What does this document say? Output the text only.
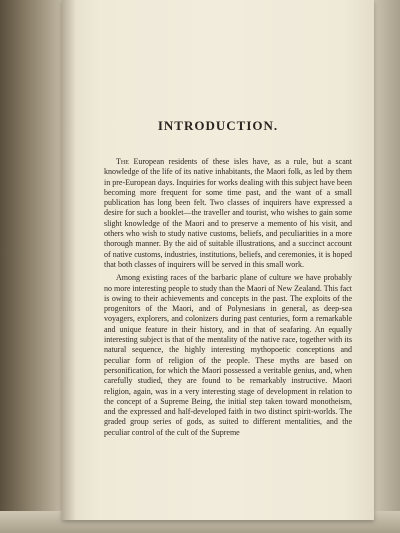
INTRODUCTION.

The European residents of these isles have, as a rule, but a scant knowledge of the life of its native inhabitants, the Maori folk, as led by them in pre-European days. Inquiries for works dealing with this subject have been becoming more frequent for some time past, and the want of a small publication has long been felt. Two classes of inquirers have expressed a desire for such a booklet—the traveller and tourist, who wishes to gain some slight knowledge of the Maori and to preserve a memento of his visit, and others who wish to study native customs, beliefs, and peculiarities in a more thorough manner. By the aid of suitable illustrations, and a succinct account of native customs, industries, institutions, beliefs, and ceremonies, it is hoped that both classes of inquirers will be served in this small work.

Among existing races of the barbaric plane of culture we have probably no more interesting people to study than the Maori of New Zealand. This fact is owing to their achievements and concepts in the past. The exploits of the progenitors of the Maori, and of Polynesians in general, as deep-sea voyagers, explorers, and colonizers during past centuries, form a remarkable and unique feature in their history, and in that of seafaring. An equally interesting subject is that of the mentality of the native race, together with its natural sequence, the highly interesting mythopoetic conceptions and peculiar form of religion of the people. These myths are based on personification, for which the Maori possessed a veritable genius, and, when carefully studied, they are found to be remarkably instructive. Maori religion, again, was in a very interesting stage of development in relation to the concept of a Supreme Being, the initial step taken toward monotheism, and the expressed and half-developed faith in two distinct spirit-worlds. The graded group series of gods, as suited to different mentalities, and the peculiar control of the cult of the Supreme
